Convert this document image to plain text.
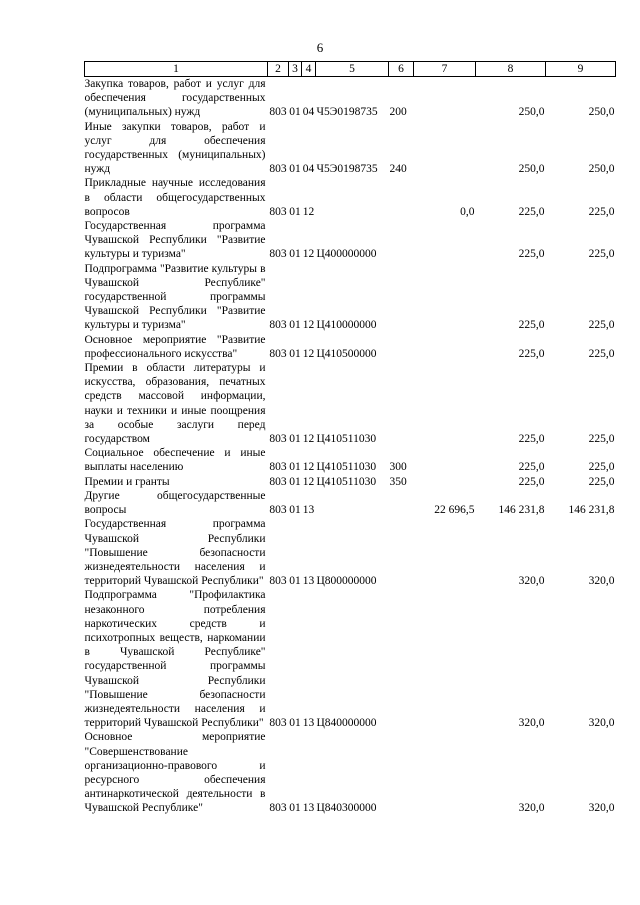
6
1	2	3	4	5	6	7	8	9
Закупка товаров, работ и услуг для обеспечения государственных (муниципальных) нужд	803	01	04	Ч5Э0198735	200		250,0	250,0
Иные закупки товаров, работ и услуг для обеспечения государственных (муниципальных) нужд	803	01	04	Ч5Э0198735	240		250,0	250,0
Прикладные научные исследования в области общегосударственных вопросов	803	01	12			0,0	225,0	225,0
Государственная программа Чувашской Республики "Развитие культуры и туризма"	803	01	12	Ц400000000			225,0	225,0
Подпрограмма "Развитие культуры в Чувашской Республике" государственной программы Чувашской Республики "Развитие культуры и туризма"	803	01	12	Ц410000000			225,0	225,0
Основное мероприятие "Развитие профессионального искусства"	803	01	12	Ц410500000			225,0	225,0
Премии в области литературы и искусства, образования, печатных средств массовой информации, науки и техники и иные поощрения за особые заслуги перед государством	803	01	12	Ц410511030			225,0	225,0
Социальное обеспечение и иные выплаты населению	803	01	12	Ц410511030	300		225,0	225,0
Премии и гранты	803	01	12	Ц410511030	350		225,0	225,0
Другие общегосударственные вопросы	803	01	13			22 696,5	146 231,8	146 231,8
Государственная программа Чувашской Республики "Повышение безопасности жизнедеятельности населения и территорий Чувашской Республики"	803	01	13	Ц800000000			320,0	320,0
Подпрограмма "Профилактика незаконного потребления наркотических средств и психотропных веществ, наркомании в Чувашской Республике" государственной программы Чувашской Республики "Повышение безопасности жизнедеятельности населения и территорий Чувашской Республики"	803	01	13	Ц840000000			320,0	320,0
Основное мероприятие "Совершенствование организационно-правового и ресурсного обеспечения антинаркотической деятельности в Чувашской Республике"	803	01	13	Ц840300000			320,0	320,0
